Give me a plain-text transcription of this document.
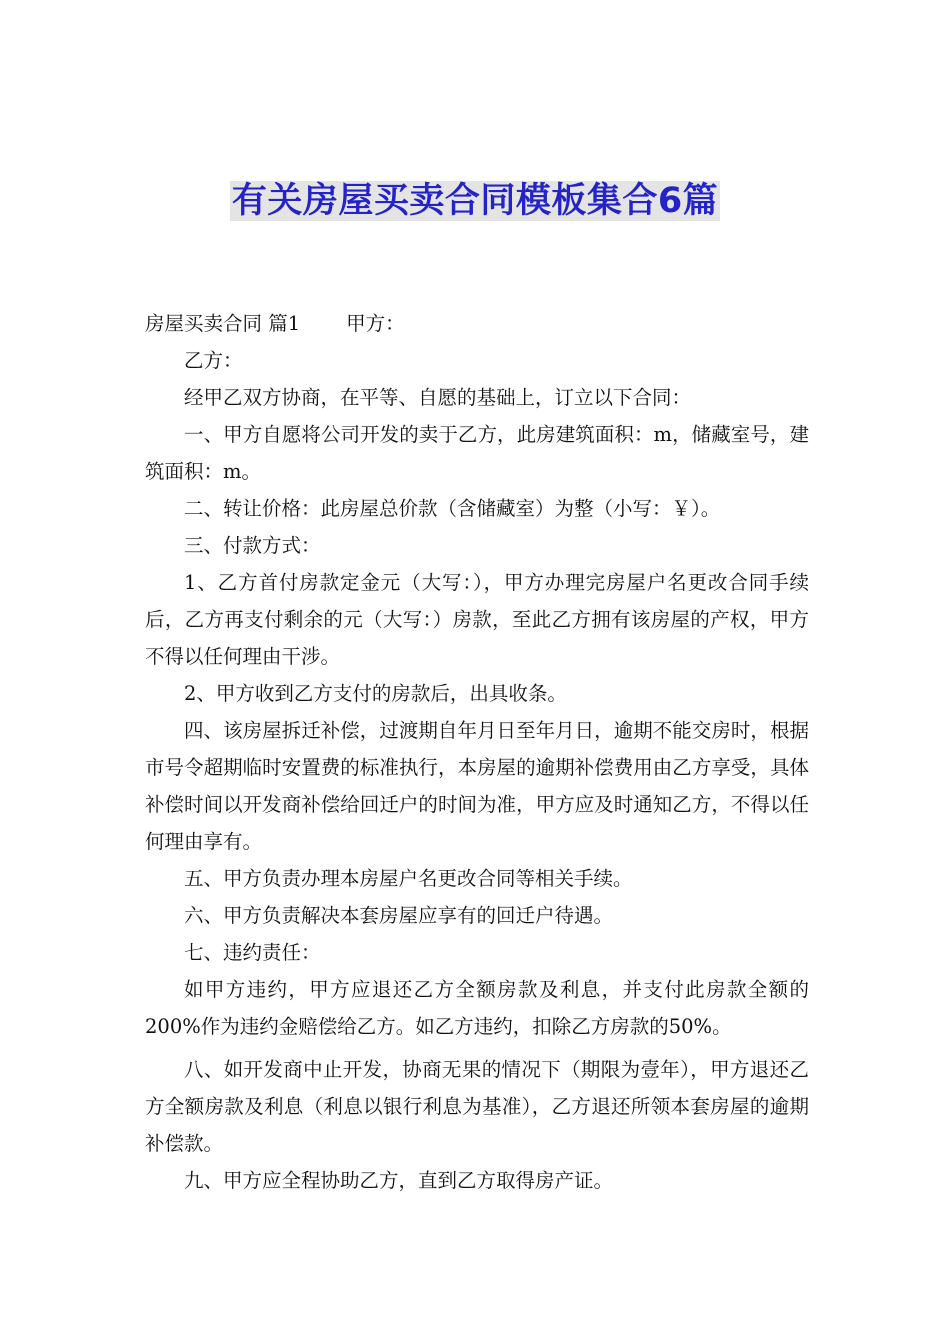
有关房屋买卖合同模板集合6篇

房屋买卖合同 篇1 甲方：

乙方：

经甲乙双方协商，在平等、自愿的基础上，订立以下合同：

一、甲方自愿将公司开发的卖于乙方，此房建筑面积：m，储藏室号，建筑面积：m。

二、转让价格：此房屋总价款（含储藏室）为整（小写：￥）。

三、付款方式：

1、乙方首付房款定金元（大写：），甲方办理完房屋户名更改合同手续后，乙方再支付剩余的元（大写：）房款，至此乙方拥有该房屋的产权，甲方不得以任何理由干涉。

2、甲方收到乙方支付的房款后，出具收条。

四、该房屋拆迁补偿，过渡期自年月日至年月日，逾期不能交房时，根据市号令超期临时安置费的标准执行，本房屋的逾期补偿费用由乙方享受，具体补偿时间以开发商补偿给回迁户的时间为准，甲方应及时通知乙方，不得以任何理由享有。

五、甲方负责办理本房屋户名更改合同等相关手续。

六、甲方负责解决本套房屋应享有的回迁户待遇。

七、违约责任：

如甲方违约，甲方应退还乙方全额房款及利息，并支付此房款全额的200%作为违约金赔偿给乙方。如乙方违约，扣除乙方房款的50%。

八、如开发商中止开发，协商无果的情况下（期限为壹年），甲方退还乙方全额房款及利息（利息以银行利息为基准），乙方退还所领本套房屋的逾期补偿款。

九、甲方应全程协助乙方，直到乙方取得房产证。
